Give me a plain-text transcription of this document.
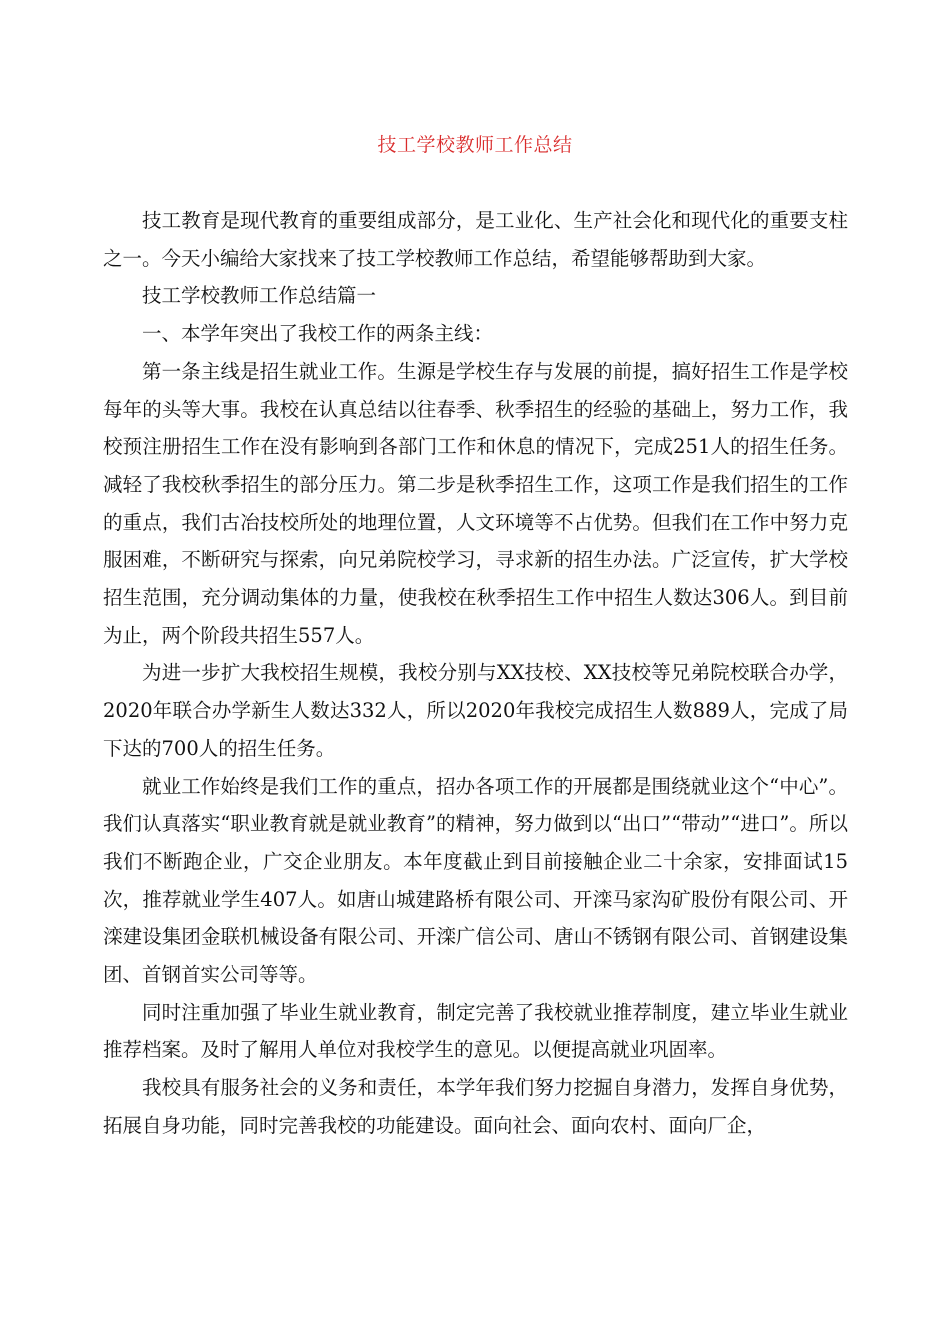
技工学校教师工作总结

技工教育是现代教育的重要组成部分，是工业化、生产社会化和现代化的重要支柱之一。今天小编给大家找来了技工学校教师工作总结，希望能够帮助到大家。

技工学校教师工作总结篇一

一、本学年突出了我校工作的两条主线：

第一条主线是招生就业工作。生源是学校生存与发展的前提，搞好招生工作是学校每年的头等大事。我校在认真总结以往春季、秋季招生的经验的基础上，努力工作，我校预注册招生工作在没有影响到各部门工作和休息的情况下，完成251人的招生任务。减轻了我校秋季招生的部分压力。第二步是秋季招生工作，这项工作是我们招生的工作的重点，我们古冶技校所处的地理位置，人文环境等不占优势。但我们在工作中努力克服困难，不断研究与探索，向兄弟院校学习，寻求新的招生办法。广泛宣传，扩大学校招生范围，充分调动集体的力量，使我校在秋季招生工作中招生人数达306人。到目前为止，两个阶段共招生557人。

为进一步扩大我校招生规模，我校分别与XX技校、XX技校等兄弟院校联合办学，2020年联合办学新生人数达332人，所以2020年我校完成招生人数889人，完成了局下达的700人的招生任务。

就业工作始终是我们工作的重点，招办各项工作的开展都是围绕就业这个“中心”。我们认真落实“职业教育就是就业教育”的精神，努力做到以“出口”“带动”“进口”。所以我们不断跑企业，广交企业朋友。本年度截止到目前接触企业二十余家，安排面试15次，推荐就业学生407人。如唐山城建路桥有限公司、开滦马家沟矿股份有限公司、开滦建设集团金联机械设备有限公司、开滦广信公司、唐山不锈钢有限公司、首钢建设集团、首钢首实公司等等。

同时注重加强了毕业生就业教育，制定完善了我校就业推荐制度，建立毕业生就业推荐档案。及时了解用人单位对我校学生的意见。以便提高就业巩固率。

我校具有服务社会的义务和责任，本学年我们努力挖掘自身潜力，发挥自身优势，拓展自身功能，同时完善我校的功能建设。面向社会、面向农村、面向厂企，
